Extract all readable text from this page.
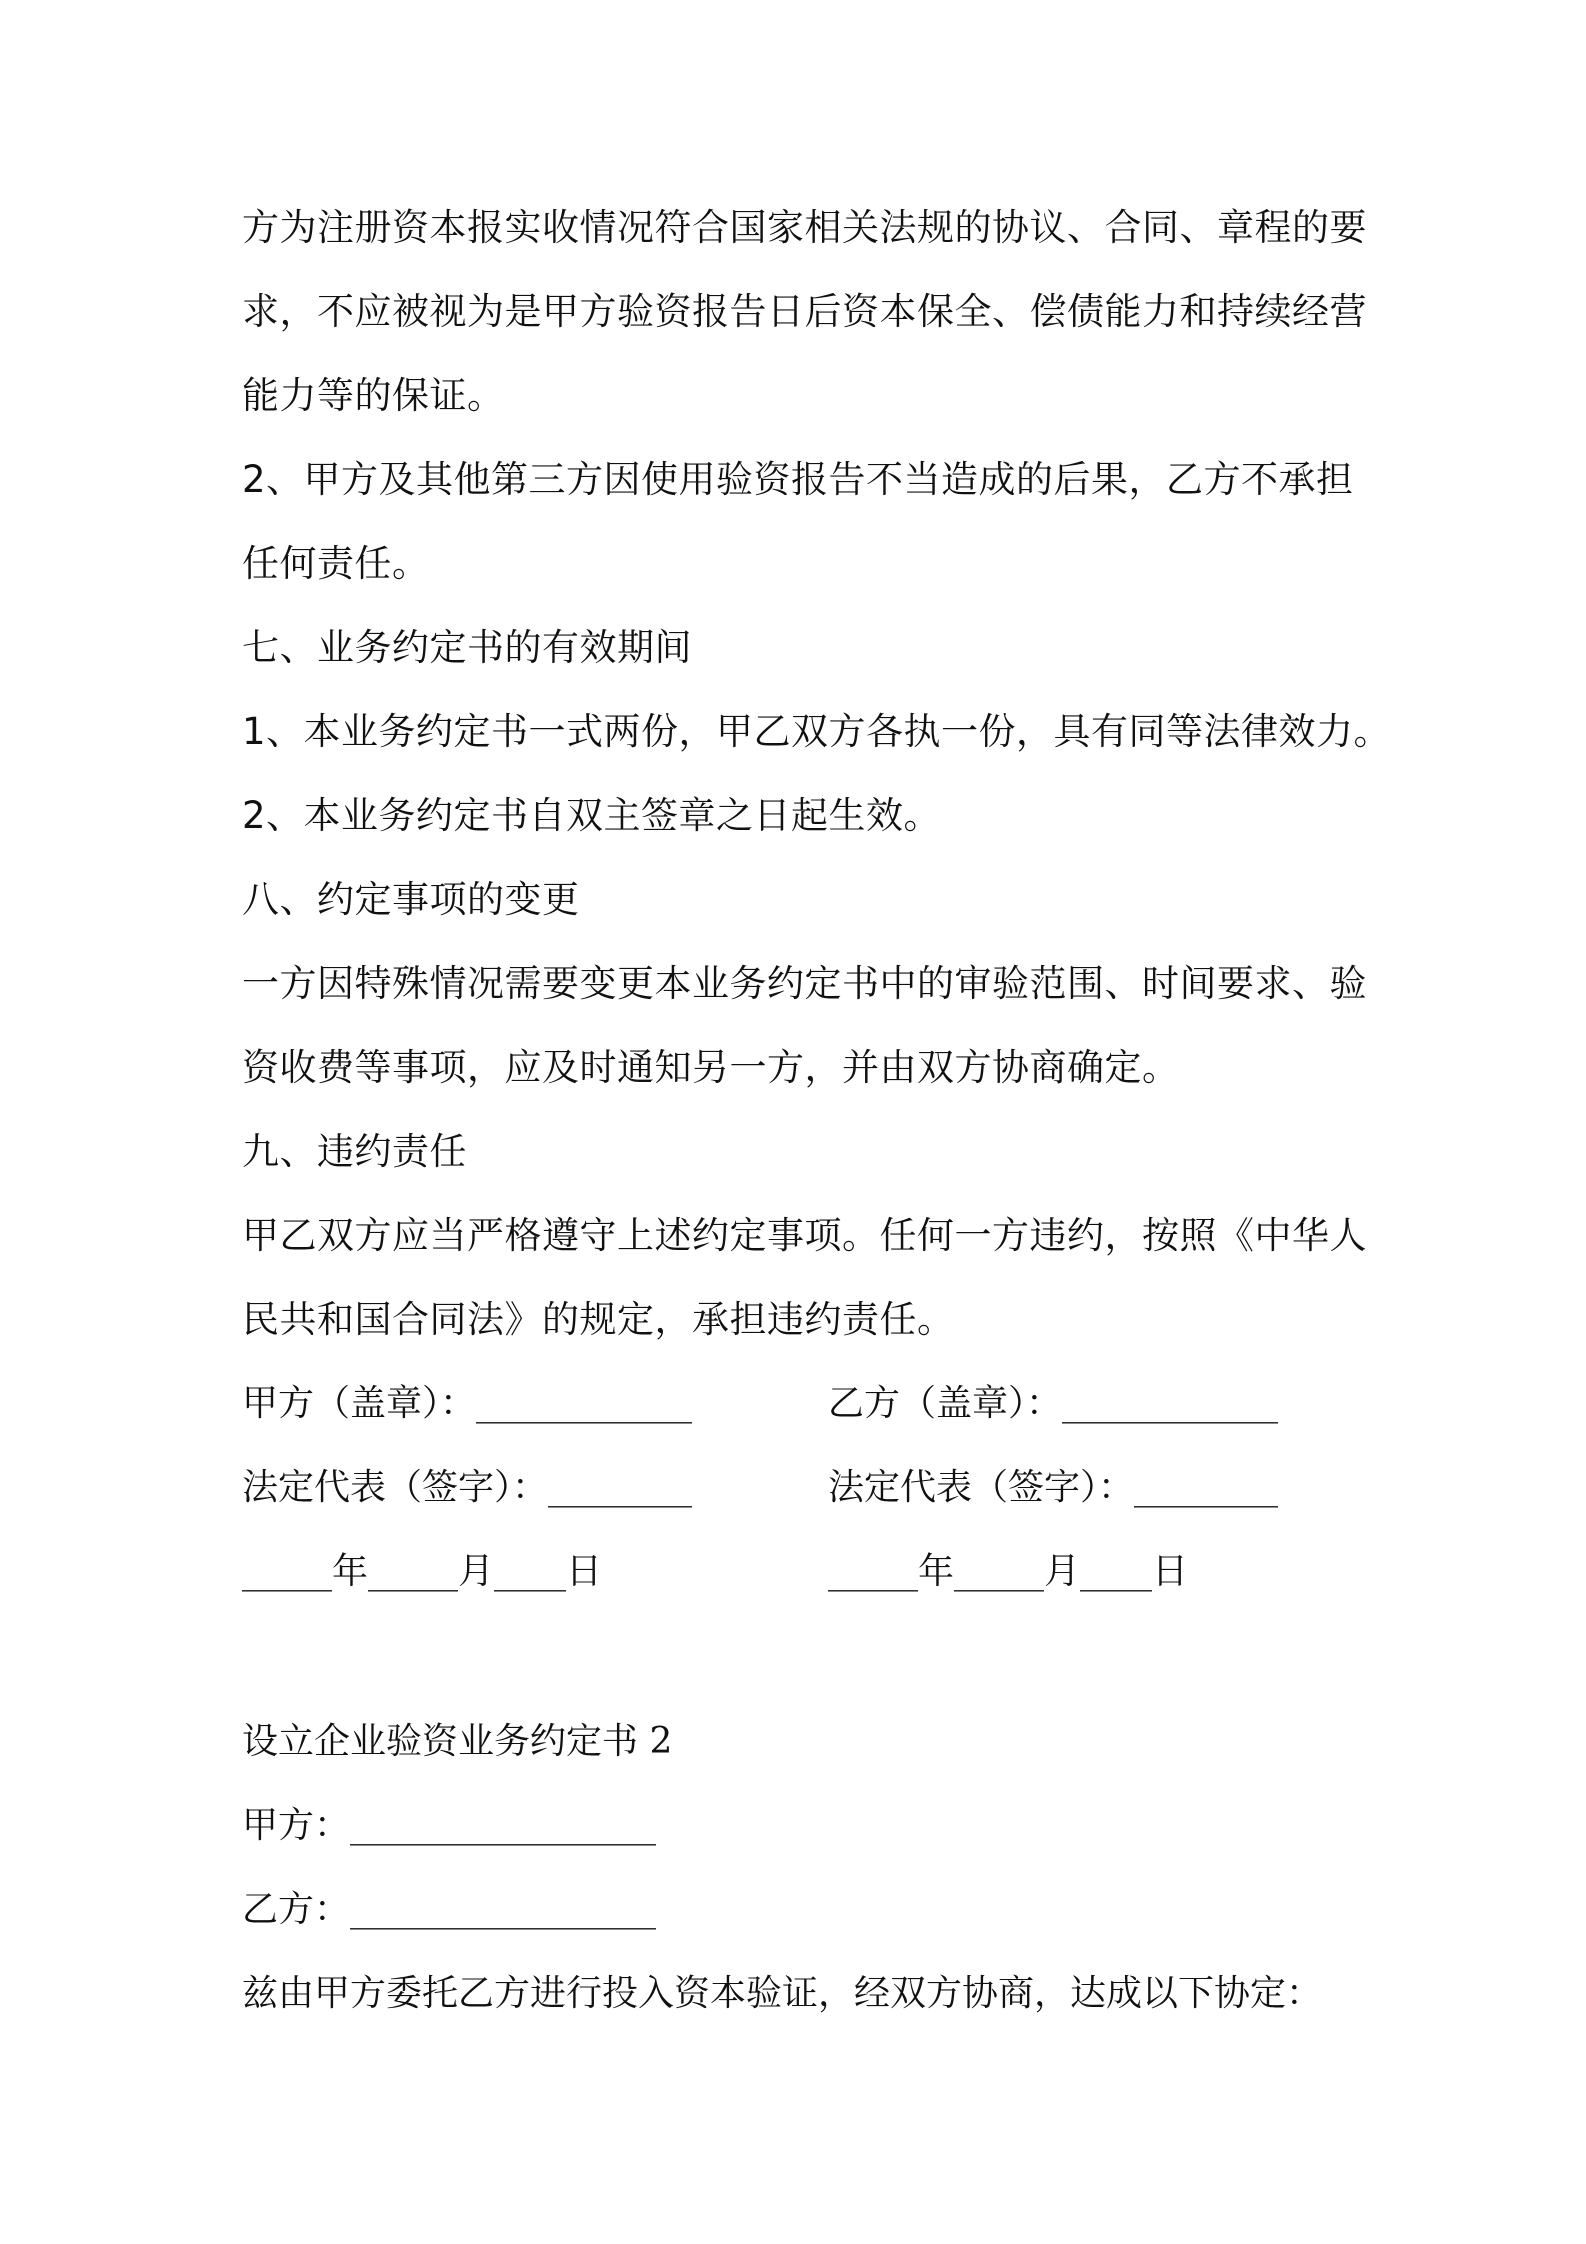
方为注册资本报实收情况符合国家相关法规的协议、合同、章程的要
求，不应被视为是甲方验资报告日后资本保全、偿债能力和持续经营
能力等的保证。
2、甲方及其他第三方因使用验资报告不当造成的后果，乙方不承担
任何责任。
七、业务约定书的有效期间
1、本业务约定书一式两份，甲乙双方各执一份，具有同等法律效力。
2、本业务约定书自双主签章之日起生效。
八、约定事项的变更
一方因特殊情况需要变更本业务约定书中的审验范围、时间要求、验
资收费等事项，应及时通知另一方，并由双方协商确定。
九、违约责任
甲乙双方应当严格遵守上述约定事项。任何一方违约，按照《中华人
民共和国合同法》的规定，承担违约责任。
甲方（盖章）：____________	乙方（盖章）：____________
法定代表（签字）：________	法定代表（签字）：________
_____年_____月____日	_____年_____月____日
设立企业验资业务约定书 2
甲方：_________________
乙方：_________________
兹由甲方委托乙方进行投入资本验证，经双方协商，达成以下协定：
